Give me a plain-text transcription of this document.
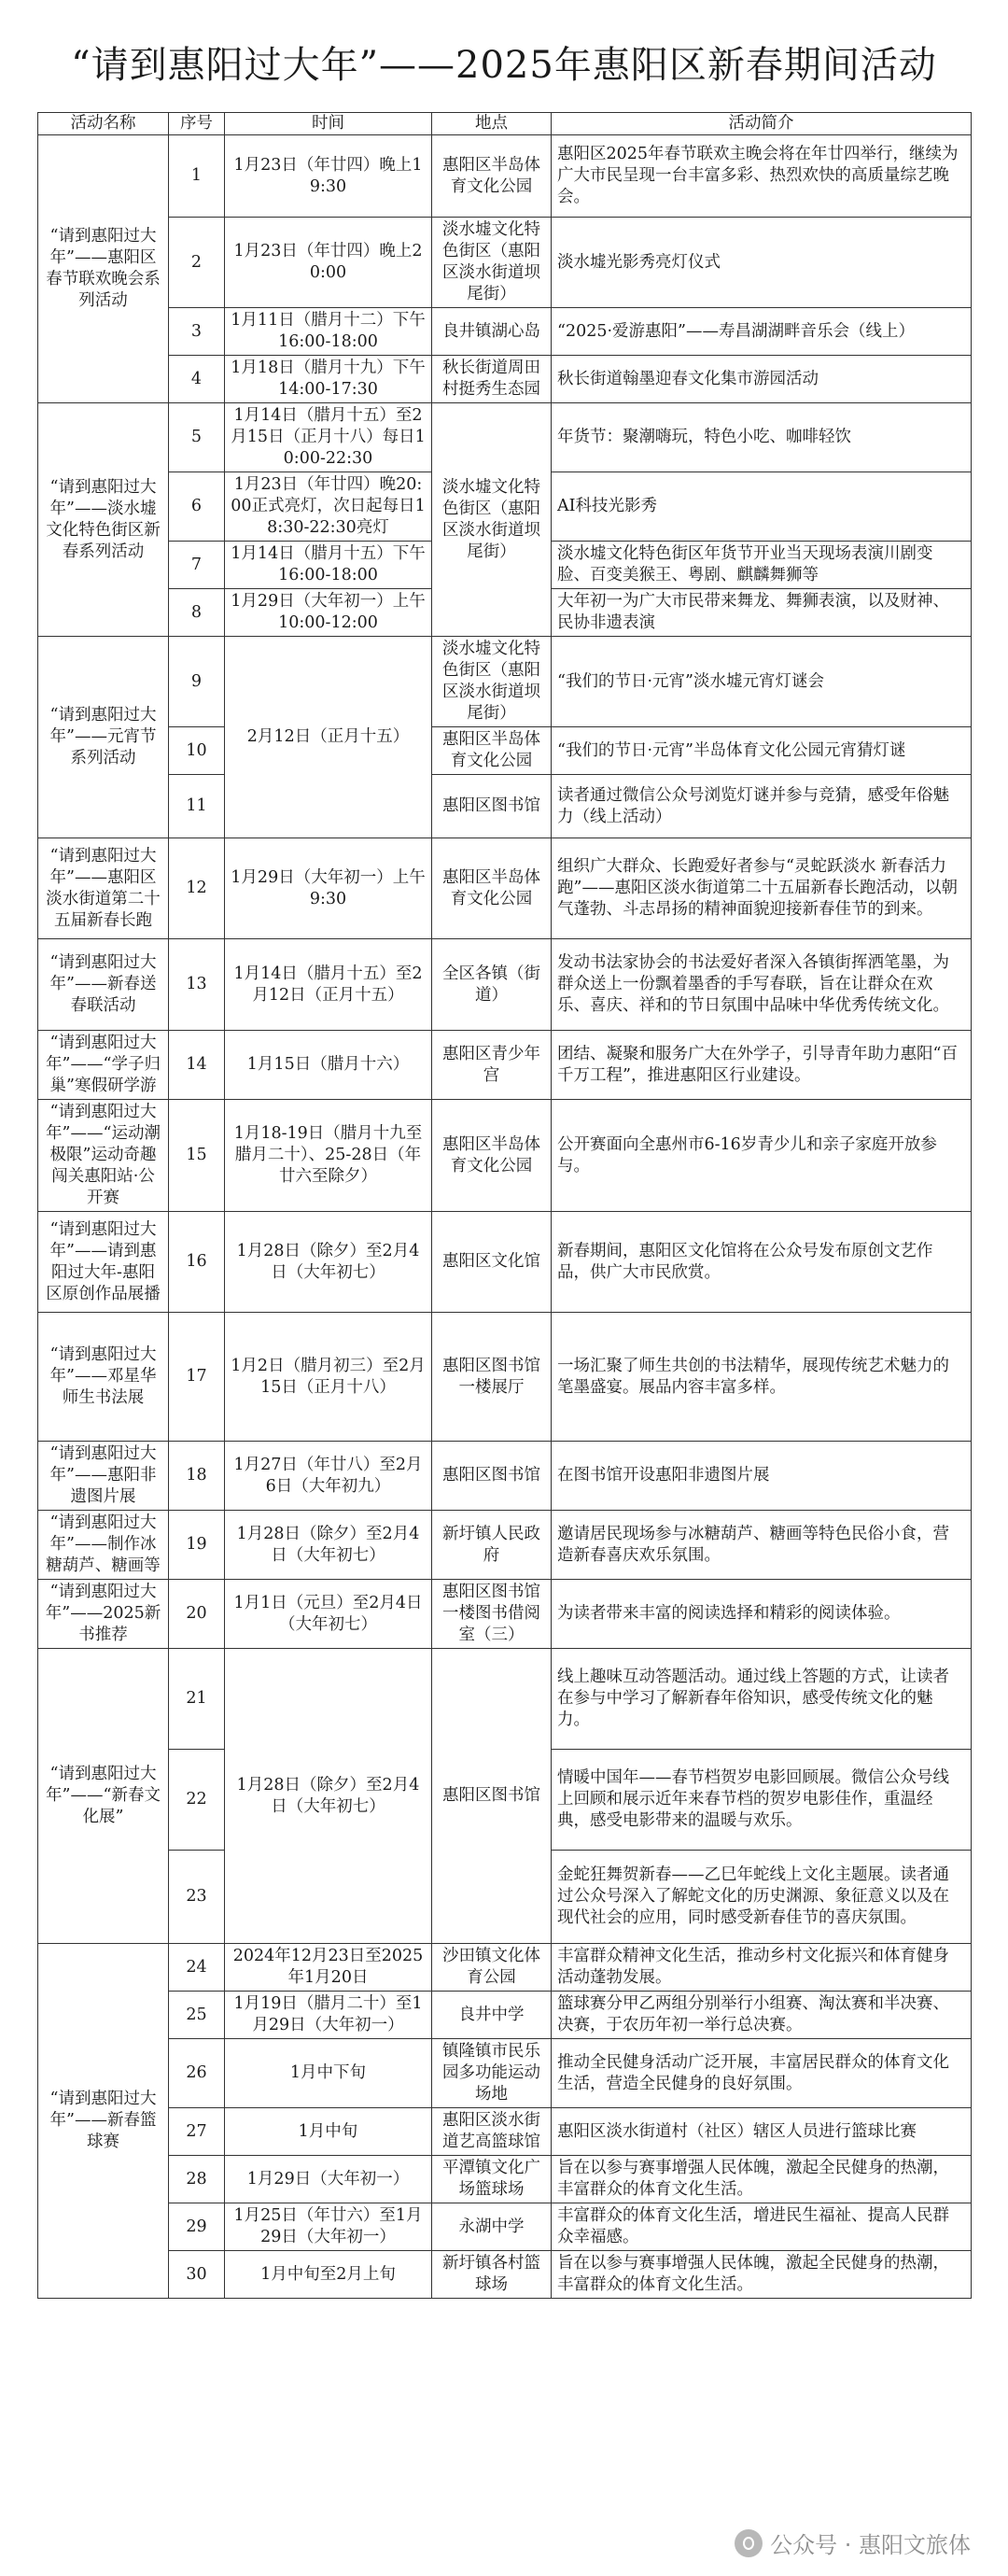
“请到惠阳过大年”——2025年惠阳区新春期间活动
活动名称	序号	时间	地点	活动简介
“请到惠阳过大年”——惠阳区春节联欢晚会系列活动	1	1月23日（年廿四）晚上19:30	惠阳区半岛体育文化公园	惠阳区2025年春节联欢主晚会将在年廿四举行，继续为广大市民呈现一台丰富多彩、热烈欢快的高质量综艺晚会。
	2	1月23日（年廿四）晚上20:00	淡水墟文化特色街区（惠阳区淡水街道坝尾街）	淡水墟光影秀亮灯仪式
	3	1月11日（腊月十二）下午16:00-18:00	良井镇湖心岛	“2025·爱游惠阳”——寿昌湖湖畔音乐会（线上）
	4	1月18日（腊月十九）下午14:00-17:30	秋长街道周田村挺秀生态园	秋长街道翰墨迎春文化集市游园活动
“请到惠阳过大年”——淡水墟文化特色街区新春系列活动	5	1月14日（腊月十五）至2月15日（正月十八）每日10:00-22:30	淡水墟文化特色街区（惠阳区淡水街道坝尾街）	年货节：聚潮嗨玩，特色小吃、咖啡轻饮
	6	1月23日（年廿四）晚20:00正式亮灯，次日起每日18:30-22:30亮灯		AI科技光影秀
	7	1月14日（腊月十五）下午16:00-18:00		淡水墟文化特色街区年货节开业当天现场表演川剧变脸、百变美猴王、粤剧、麒麟舞狮等
	8	1月29日（大年初一）上午10:00-12:00		大年初一为广大市民带来舞龙、舞狮表演，以及财神、民协非遗表演
“请到惠阳过大年”——元宵节系列活动	9	2月12日（正月十五）	淡水墟文化特色街区（惠阳区淡水街道坝尾街）	“我们的节日·元宵”淡水墟元宵灯谜会
	10		惠阳区半岛体育文化公园	“我们的节日·元宵”半岛体育文化公园元宵猜灯谜
	11		惠阳区图书馆	读者通过微信公众号浏览灯谜并参与竞猜，感受年俗魅力（线上活动）
“请到惠阳过大年”——惠阳区淡水街道第二十五届新春长跑	12	1月29日（大年初一）上午9:30	惠阳区半岛体育文化公园	组织广大群众、长跑爱好者参与“灵蛇跃淡水 新春活力跑”——惠阳区淡水街道第二十五届新春长跑活动，以朝气蓬勃、斗志昂扬的精神面貌迎接新春佳节的到来。
“请到惠阳过大年”——新春送春联活动	13	1月14日（腊月十五）至2月12日（正月十五）	全区各镇（街道）	发动书法家协会的书法爱好者深入各镇街挥洒笔墨，为群众送上一份飘着墨香的手写春联，旨在让群众在欢乐、喜庆、祥和的节日氛围中品味中华优秀传统文化。
“请到惠阳过大年”——“学子归巢”寒假研学游	14	1月15日（腊月十六）	惠阳区青少年宫	团结、凝聚和服务广大在外学子，引导青年助力惠阳“百千万工程”，推进惠阳区行业建设。
“请到惠阳过大年”——“运动潮极限”运动奇趣闯关惠阳站·公开赛	15	1月18-19日（腊月十九至腊月二十）、25-28日（年廿六至除夕）	惠阳区半岛体育文化公园	公开赛面向全惠州市6-16岁青少儿和亲子家庭开放参与。
“请到惠阳过大年”——请到惠阳过大年-惠阳区原创作品展播	16	1月28日（除夕）至2月4日（大年初七）	惠阳区文化馆	新春期间，惠阳区文化馆将在公众号发布原创文艺作品，供广大市民欣赏。
“请到惠阳过大年”——邓星华师生书法展	17	1月2日（腊月初三）至2月15日（正月十八）	惠阳区图书馆一楼展厅	一场汇聚了师生共创的书法精华，展现传统艺术魅力的笔墨盛宴。展品内容丰富多样。
“请到惠阳过大年”——惠阳非遗图片展	18	1月27日（年廿八）至2月6日（大年初九）	惠阳区图书馆	在图书馆开设惠阳非遗图片展
“请到惠阳过大年”——制作冰糖葫芦、糖画等	19	1月28日（除夕）至2月4日（大年初七）	新圩镇人民政府	邀请居民现场参与冰糖葫芦、糖画等特色民俗小食，营造新春喜庆欢乐氛围。
“请到惠阳过大年”——2025新书推荐	20	1月1日（元旦）至2月4日（大年初七）	惠阳区图书馆一楼图书借阅室（三）	为读者带来丰富的阅读选择和精彩的阅读体验。
“请到惠阳过大年”——“新春文化展”	21	1月28日（除夕）至2月4日（大年初七）	惠阳区图书馆	线上趣味互动答题活动。通过线上答题的方式，让读者在参与中学习了解新春年俗知识，感受传统文化的魅力。
	22			情暖中国年——春节档贺岁电影回顾展。微信公众号线上回顾和展示近年来春节档的贺岁电影佳作，重温经典，感受电影带来的温暖与欢乐。
	23			金蛇狂舞贺新春——乙巳年蛇线上文化主题展。读者通过公众号深入了解蛇文化的历史渊源、象征意义以及在现代社会的应用，同时感受新春佳节的喜庆氛围。
“请到惠阳过大年”——新春篮球赛	24	2024年12月23日至2025年1月20日	沙田镇文化体育公园	丰富群众精神文化生活，推动乡村文化振兴和体育健身活动蓬勃发展。
	25	1月19日（腊月二十）至1月29日（大年初一）	良井中学	篮球赛分甲乙两组分别举行小组赛、淘汰赛和半决赛、决赛，于农历年初一举行总决赛。
	26	1月中下旬	镇隆镇市民乐园多功能运动场地	推动全民健身活动广泛开展，丰富居民群众的体育文化生活，营造全民健身的良好氛围。
	27	1月中旬	惠阳区淡水街道艺高篮球馆	惠阳区淡水街道村（社区）辖区人员进行篮球比赛
	28	1月29日（大年初一）	平潭镇文化广场篮球场	旨在以参与赛事增强人民体魄，激起全民健身的热潮，丰富群众的体育文化生活。
	29	1月25日（年廿六）至1月29日（大年初一）	永湖中学	丰富群众的体育文化生活，增进民生福祉、提高人民群众幸福感。
	30	1月中旬至2月上旬	新圩镇各村篮球场	旨在以参与赛事增强人民体魄，激起全民健身的热潮，丰富群众的体育文化生活。
公众号 · 惠阳文旅体
